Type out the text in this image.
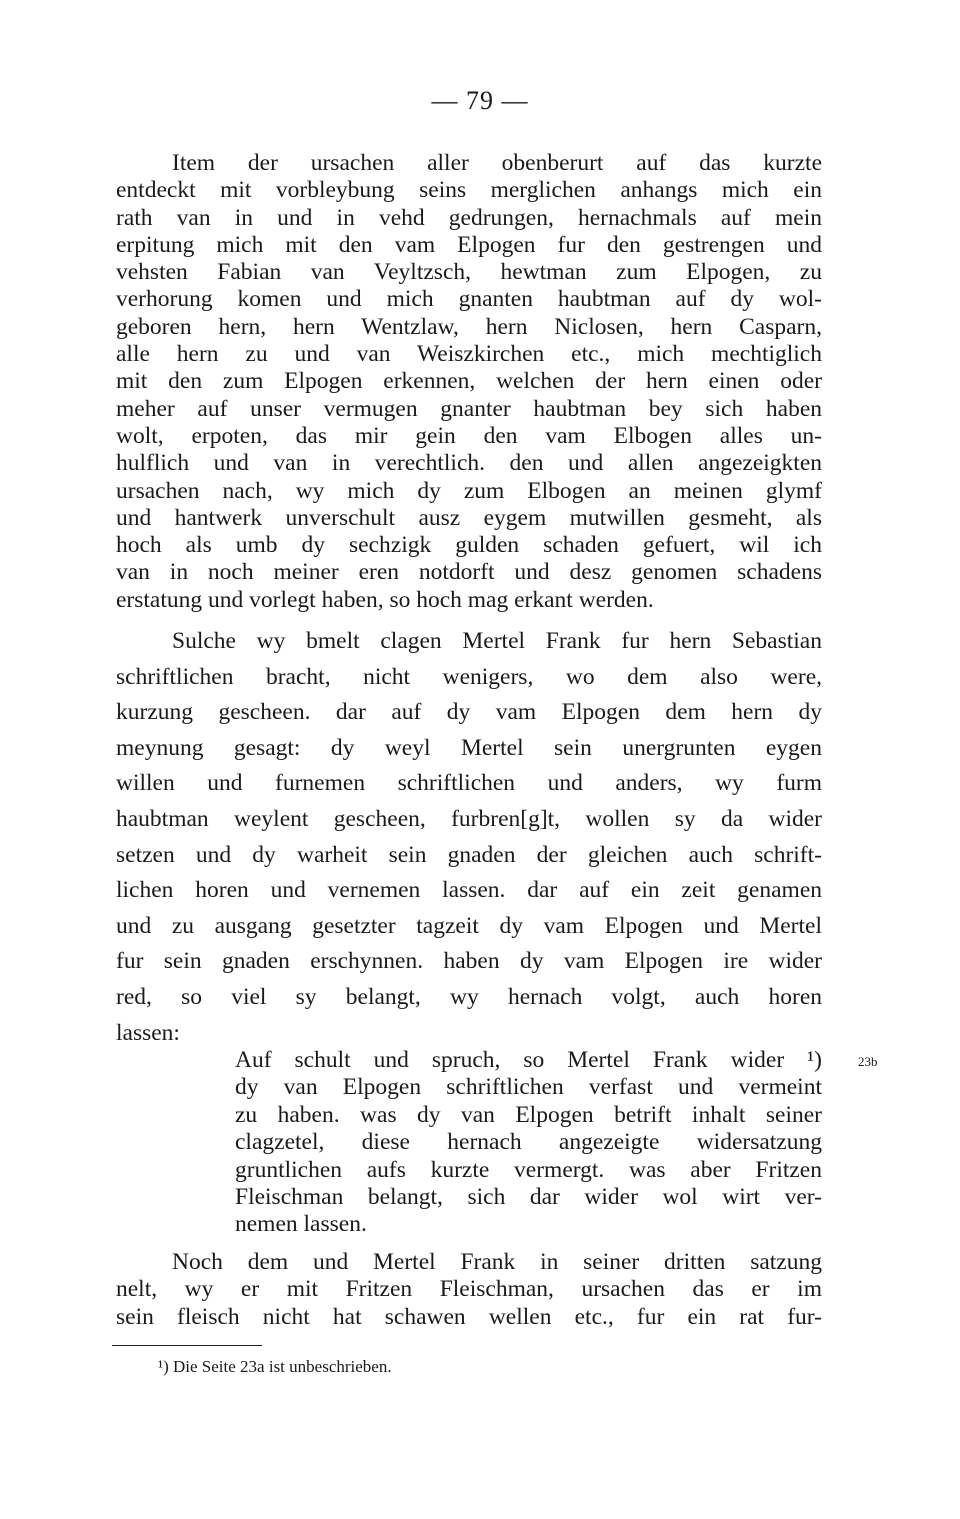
— 79 —
Item der ursachen aller obenberurt auf das kurzte
entdeckt mit vorbleybung seins merglichen anhangs mich ein
rath van in und in vehd gedrungen, hernachmals auf mein
erpitung mich mit den vam Elpogen fur den gestrengen und
vehsten Fabian van Veyltzsch, hewtman zum Elpogen, zu
verhorung komen und mich gnanten haubtman auf dy wol-
geboren hern, hern Wentzlaw, hern Niclosen, hern Casparn,
alle hern zu und van Weiszkirchen etc., mich mechtiglich
mit den zum Elpogen erkennen, welchen der hern einen oder
meher auf unser vermugen gnanter haubtman bey sich haben
wolt, erpoten, das mir gein den vam Elbogen alles un-
hulflich und van in verechtlich. den und allen angezeigkten
ursachen nach, wy mich dy zum Elbogen an meinen glymf
und hantwerk unverschult ausz eygem mutwillen gesmeht, als
hoch als umb dy sechzigk gulden schaden gefuert, wil ich
van in noch meiner eren notdorft und desz genomen schadens
erstatung und vorlegt haben, so hoch mag erkant werden.
Sulche wy bmelt clagen Mertel Frank fur hern Sebastian
schriftlichen bracht, nicht wenigers, wo dem also were,
kurzung gescheen. dar auf dy vam Elpogen dem hern dy
meynung gesagt: dy weyl Mertel sein unergrunten eygen
willen und furnemen schriftlichen und anders, wy furm
haubtman weylent gescheen, furbren[g]t, wollen sy da wider
setzen und dy warheit sein gnaden der gleichen auch schrift-
lichen horen und vernemen lassen. dar auf ein zeit genamen
und zu ausgang gesetzter tagzeit dy vam Elpogen und Mertel
fur sein gnaden erschynnen. haben dy vam Elpogen ire wider
red, so viel sy belangt, wy hernach volgt, auch horen
lassen:
Auf schult und spruch, so Mertel Frank wider ¹)
dy van Elpogen schriftlichen verfast und vermeint
zu haben. was dy van Elpogen betrift inhalt seiner
clagzetel, diese hernach angezeigte widersatzung
gruntlichen aufs kurzte vermergt. was aber Fritzen
Fleischman belangt, sich dar wider wol wirt ver-
nemen lassen.
23b
Noch dem und Mertel Frank in seiner dritten satzung
nelt, wy er mit Fritzen Fleischman, ursachen das er im
sein fleisch nicht hat schawen wellen etc., fur ein rat fur-
¹) Die Seite 23a ist unbeschrieben.
